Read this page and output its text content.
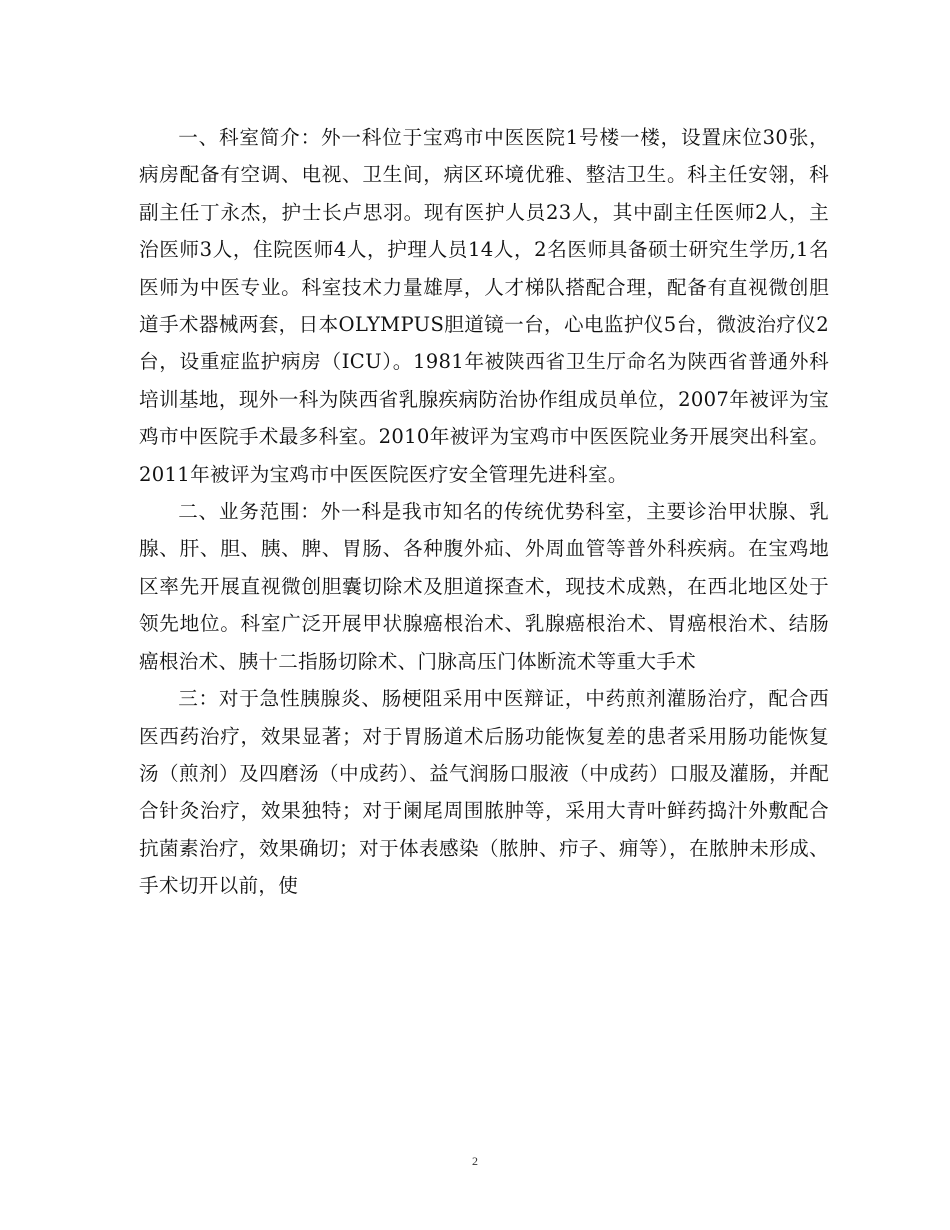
一、科室简介：外一科位于宝鸡市中医医院1号楼一楼，设置床位30张，病房配备有空调、电视、卫生间，病区环境优雅、整洁卫生。科主任安翎，科副主任丁永杰，护士长卢思羽。现有医护人员23人，其中副主任医师2人，主治医师3人，住院医师4人，护理人员14人，2名医师具备硕士研究生学历,1名医师为中医专业。科室技术力量雄厚，人才梯队搭配合理，配备有直视微创胆道手术器械两套，日本OLYMPUS胆道镜一台，心电监护仪5台，微波治疗仪2台，设重症监护病房（ICU）。1981年被陕西省卫生厅命名为陕西省普通外科培训基地，现外一科为陕西省乳腺疾病防治协作组成员单位，2007年被评为宝鸡市中医院手术最多科室。2010年被评为宝鸡市中医医院业务开展突出科室。2011年被评为宝鸡市中医医院医疗安全管理先进科室。

二、业务范围：外一科是我市知名的传统优势科室，主要诊治甲状腺、乳腺、肝、胆、胰、脾、胃肠、各种腹外疝、外周血管等普外科疾病。在宝鸡地区率先开展直视微创胆囊切除术及胆道探查术，现技术成熟，在西北地区处于领先地位。科室广泛开展甲状腺癌根治术、乳腺癌根治术、胃癌根治术、结肠癌根治术、胰十二指肠切除术、门脉高压门体断流术等重大手术

三：对于急性胰腺炎、肠梗阻采用中医辩证，中药煎剂灌肠治疗，配合西医西药治疗，效果显著；对于胃肠道术后肠功能恢复差的患者采用肠功能恢复汤（煎剂）及四磨汤（中成药）、益气润肠口服液（中成药）口服及灌肠，并配合针灸治疗，效果独特；对于阑尾周围脓肿等，采用大青叶鲜药捣汁外敷配合抗菌素治疗，效果确切；对于体表感染（脓肿、疖子、痈等），在脓肿未形成、手术切开以前，使

2
